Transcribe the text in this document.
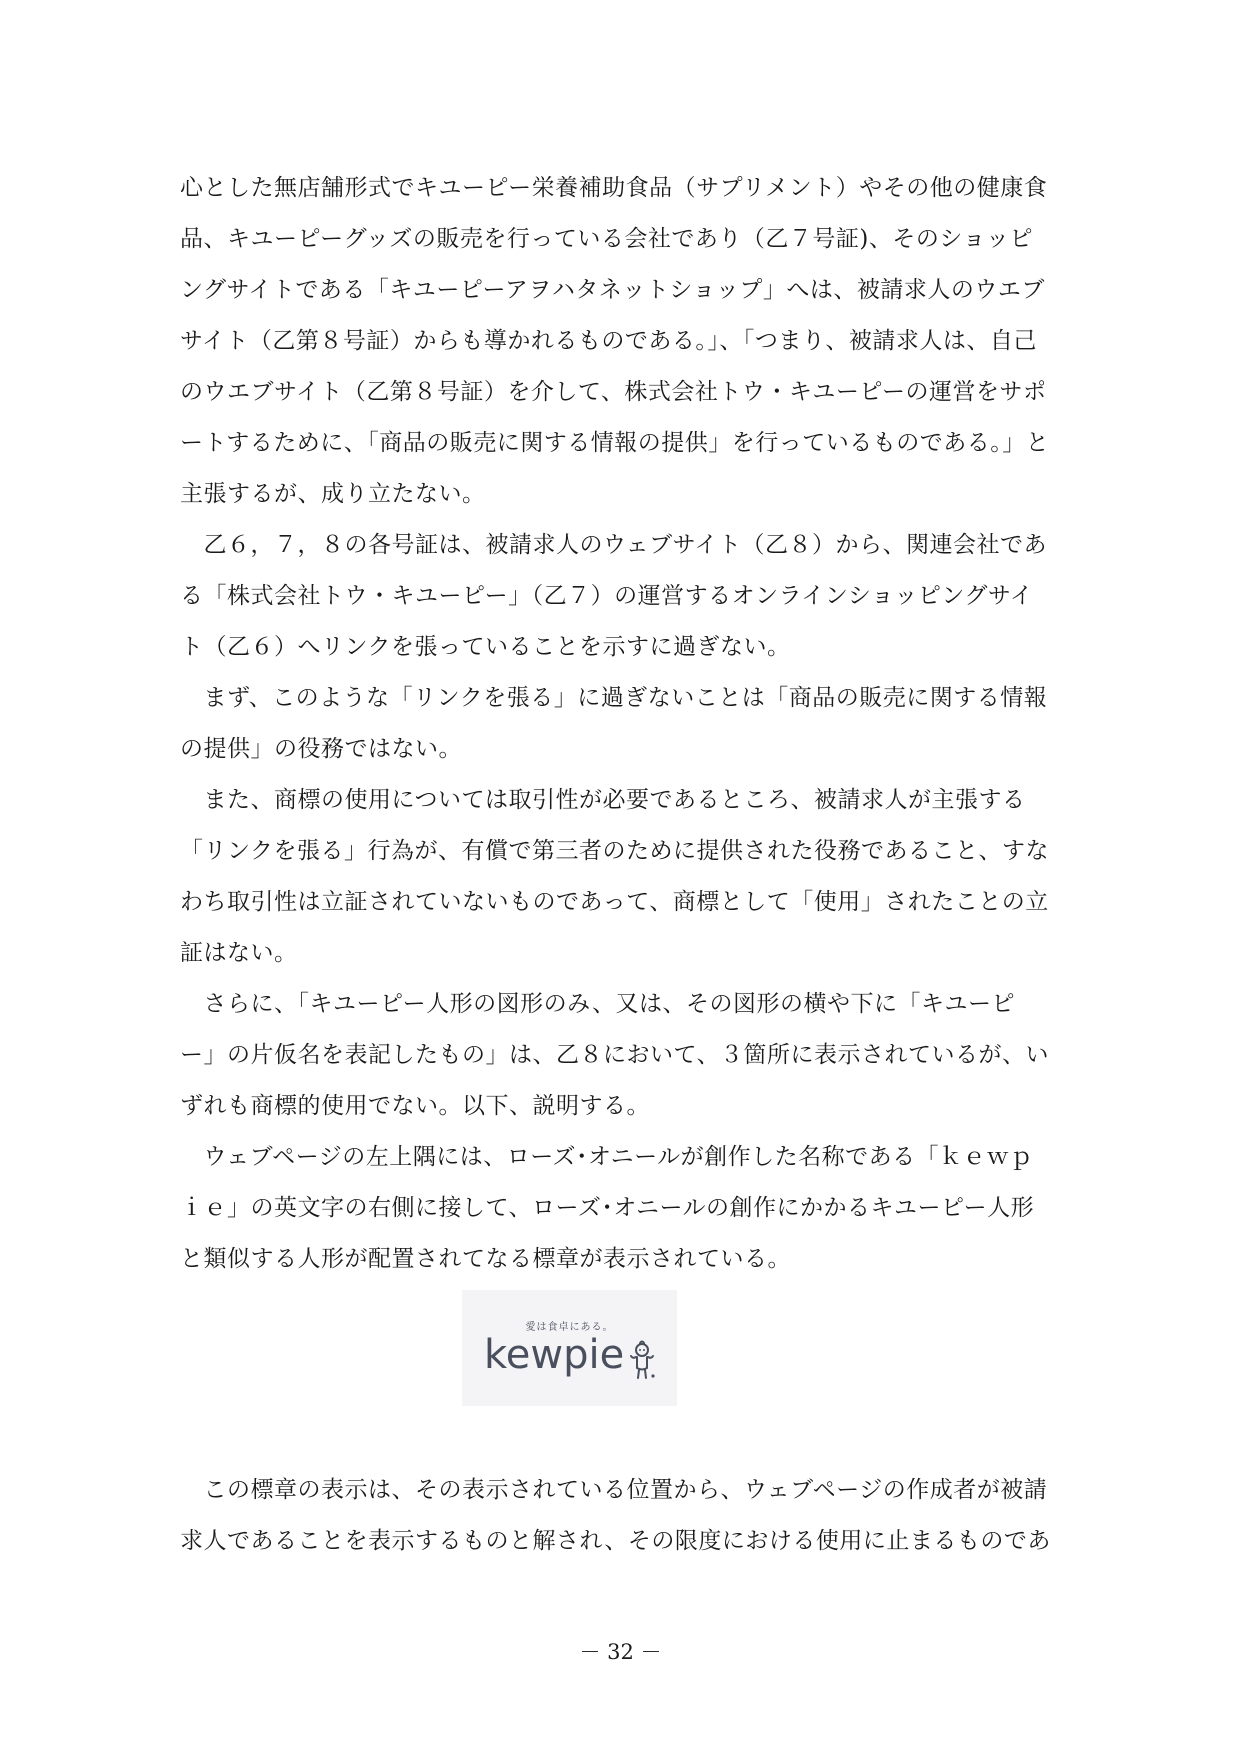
心とした無店舗形式でキユーピー栄養補助食品（サプリメント）やその他の健康食
品、キユーピーグッズの販売を行っている会社であり（乙７号証)、そのショッピ
ングサイトである「キユーピーアヲハタネットショップ」へは、被請求人のウエブ
サイト（乙第８号証）からも導かれるものである。」、「つまり、被請求人は、自己
のウエブサイト（乙第８号証）を介して、株式会社トウ・キユーピーの運営をサポ
ートするために、「商品の販売に関する情報の提供」を行っているものである。」と
主張するが、成り立たない。
　乙６，７，８の各号証は、被請求人のウェブサイト（乙８）から、関連会社であ
る「株式会社トウ・キユーピー」（乙７）の運営するオンラインショッピングサイ
ト（乙６）へリンクを張っていることを示すに過ぎない。
　まず、このような「リンクを張る」に過ぎないことは「商品の販売に関する情報
の提供」の役務ではない。
　また、商標の使用については取引性が必要であるところ、被請求人が主張する
「リンクを張る」行為が、有償で第三者のために提供された役務であること、すな
わち取引性は立証されていないものであって、商標として「使用」されたことの立
証はない。
　さらに、「キユーピー人形の図形のみ、又は、その図形の横や下に「キユーピ
ー」の片仮名を表記したもの」は、乙８において、３箇所に表示されているが、い
ずれも商標的使用でない。以下、説明する。
　ウェブページの左上隅には、ローズ･オニールが創作した名称である「ｋｅｗｐ
ｉｅ」の英文字の右側に接して、ローズ･オニールの創作にかかるキユーピー人形
と類似する人形が配置されてなる標章が表示されている。
愛は食卓にある。
kewpie
　この標章の表示は、その表示されている位置から、ウェブページの作成者が被請
求人であることを表示するものと解され、その限度における使用に止まるものであ
－ 32 －
